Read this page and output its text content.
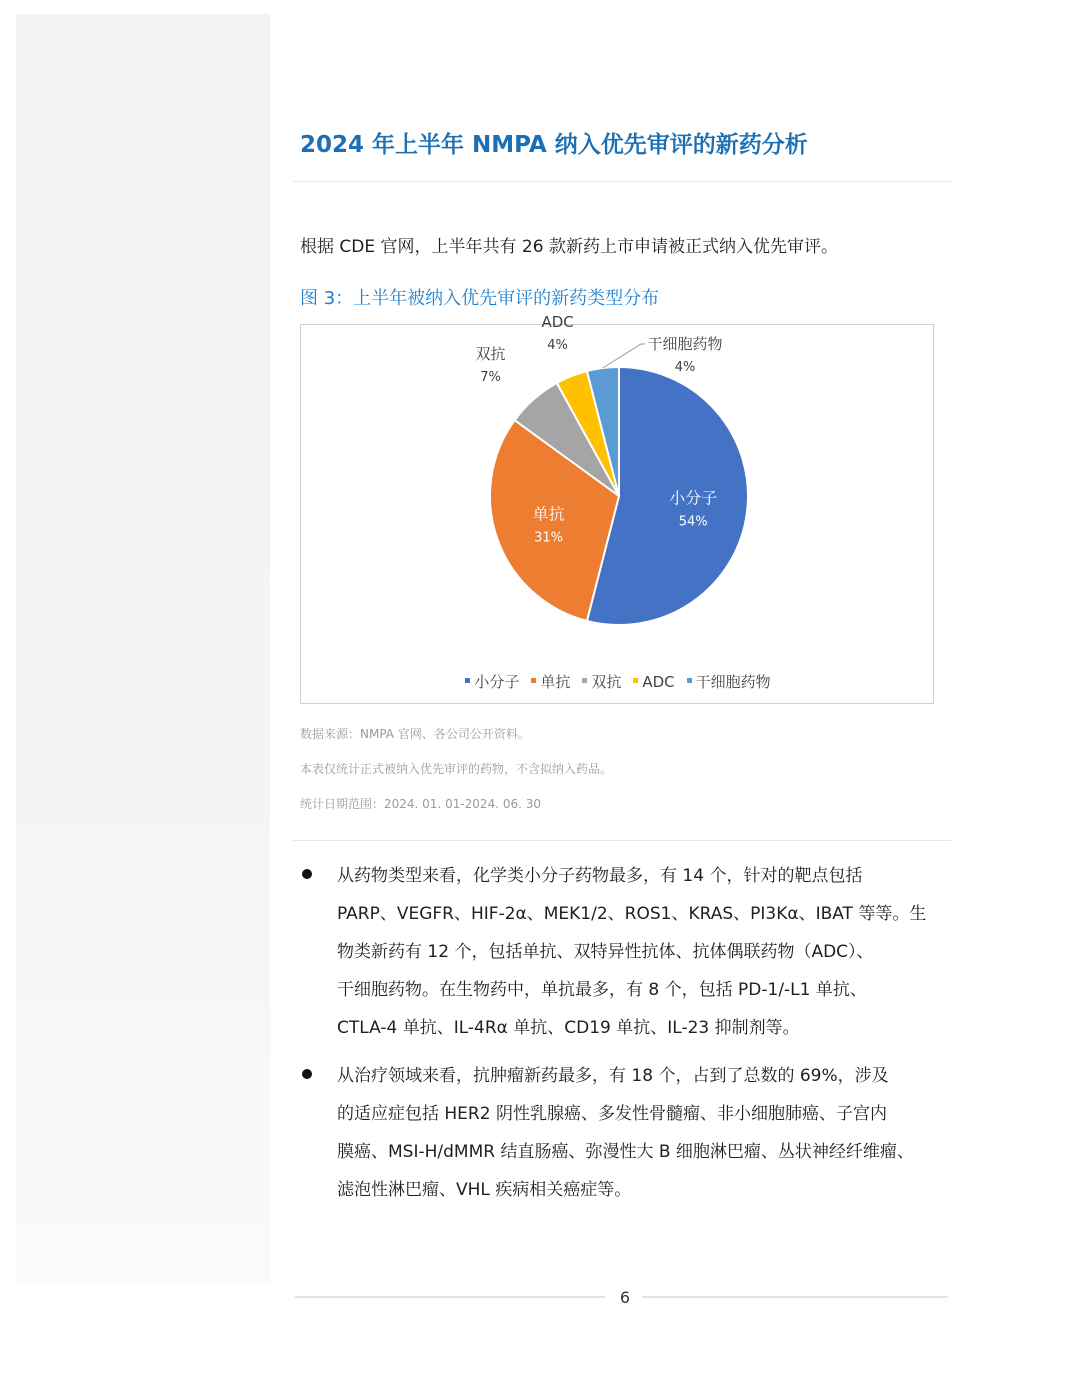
2024 年上半年 NMPA 纳入优先审评的新药分析
根据 CDE 官网，上半年共有 26 款新药上市申请被正式纳入优先审评。
图 3：上半年被纳入优先审评的新药类型分布
小分子
54%
单抗
31%
双抗
7%
ADC
4%	干细胞药物
4%
小分子 单抗 双抗 ADC 干细胞药物
数据来源：NMPA 官网、各公司公开资料。
本表仅统计正式被纳入优先审评的药物，不含拟纳入药品。
统计日期范围：2024. 01. 01-2024. 06. 30
从药物类型来看，化学类小分子药物最多，有 14 个，针对的靶点包括
PARP、VEGFR、HIF-2α、MEK1/2、ROS1、KRAS、PI3Kα、IBAT 等等。生
物类新药有 12 个，包括单抗、双特异性抗体、抗体偶联药物（ADC）、
干细胞药物。在生物药中，单抗最多，有 8 个，包括 PD-1/-L1 单抗、
CTLA-4 单抗、IL-4Rα 单抗、CD19 单抗、IL-23 抑制剂等。
从治疗领域来看，抗肿瘤新药最多，有 18 个，占到了总数的 69%，涉及
的适应症包括 HER2 阴性乳腺癌、多发性骨髓瘤、非小细胞肺癌、子宫内
膜癌、MSI-H/dMMR 结直肠癌、弥漫性大 B 细胞淋巴瘤、丛状神经纤维瘤、
滤泡性淋巴瘤、VHL 疾病相关癌症等。
6
